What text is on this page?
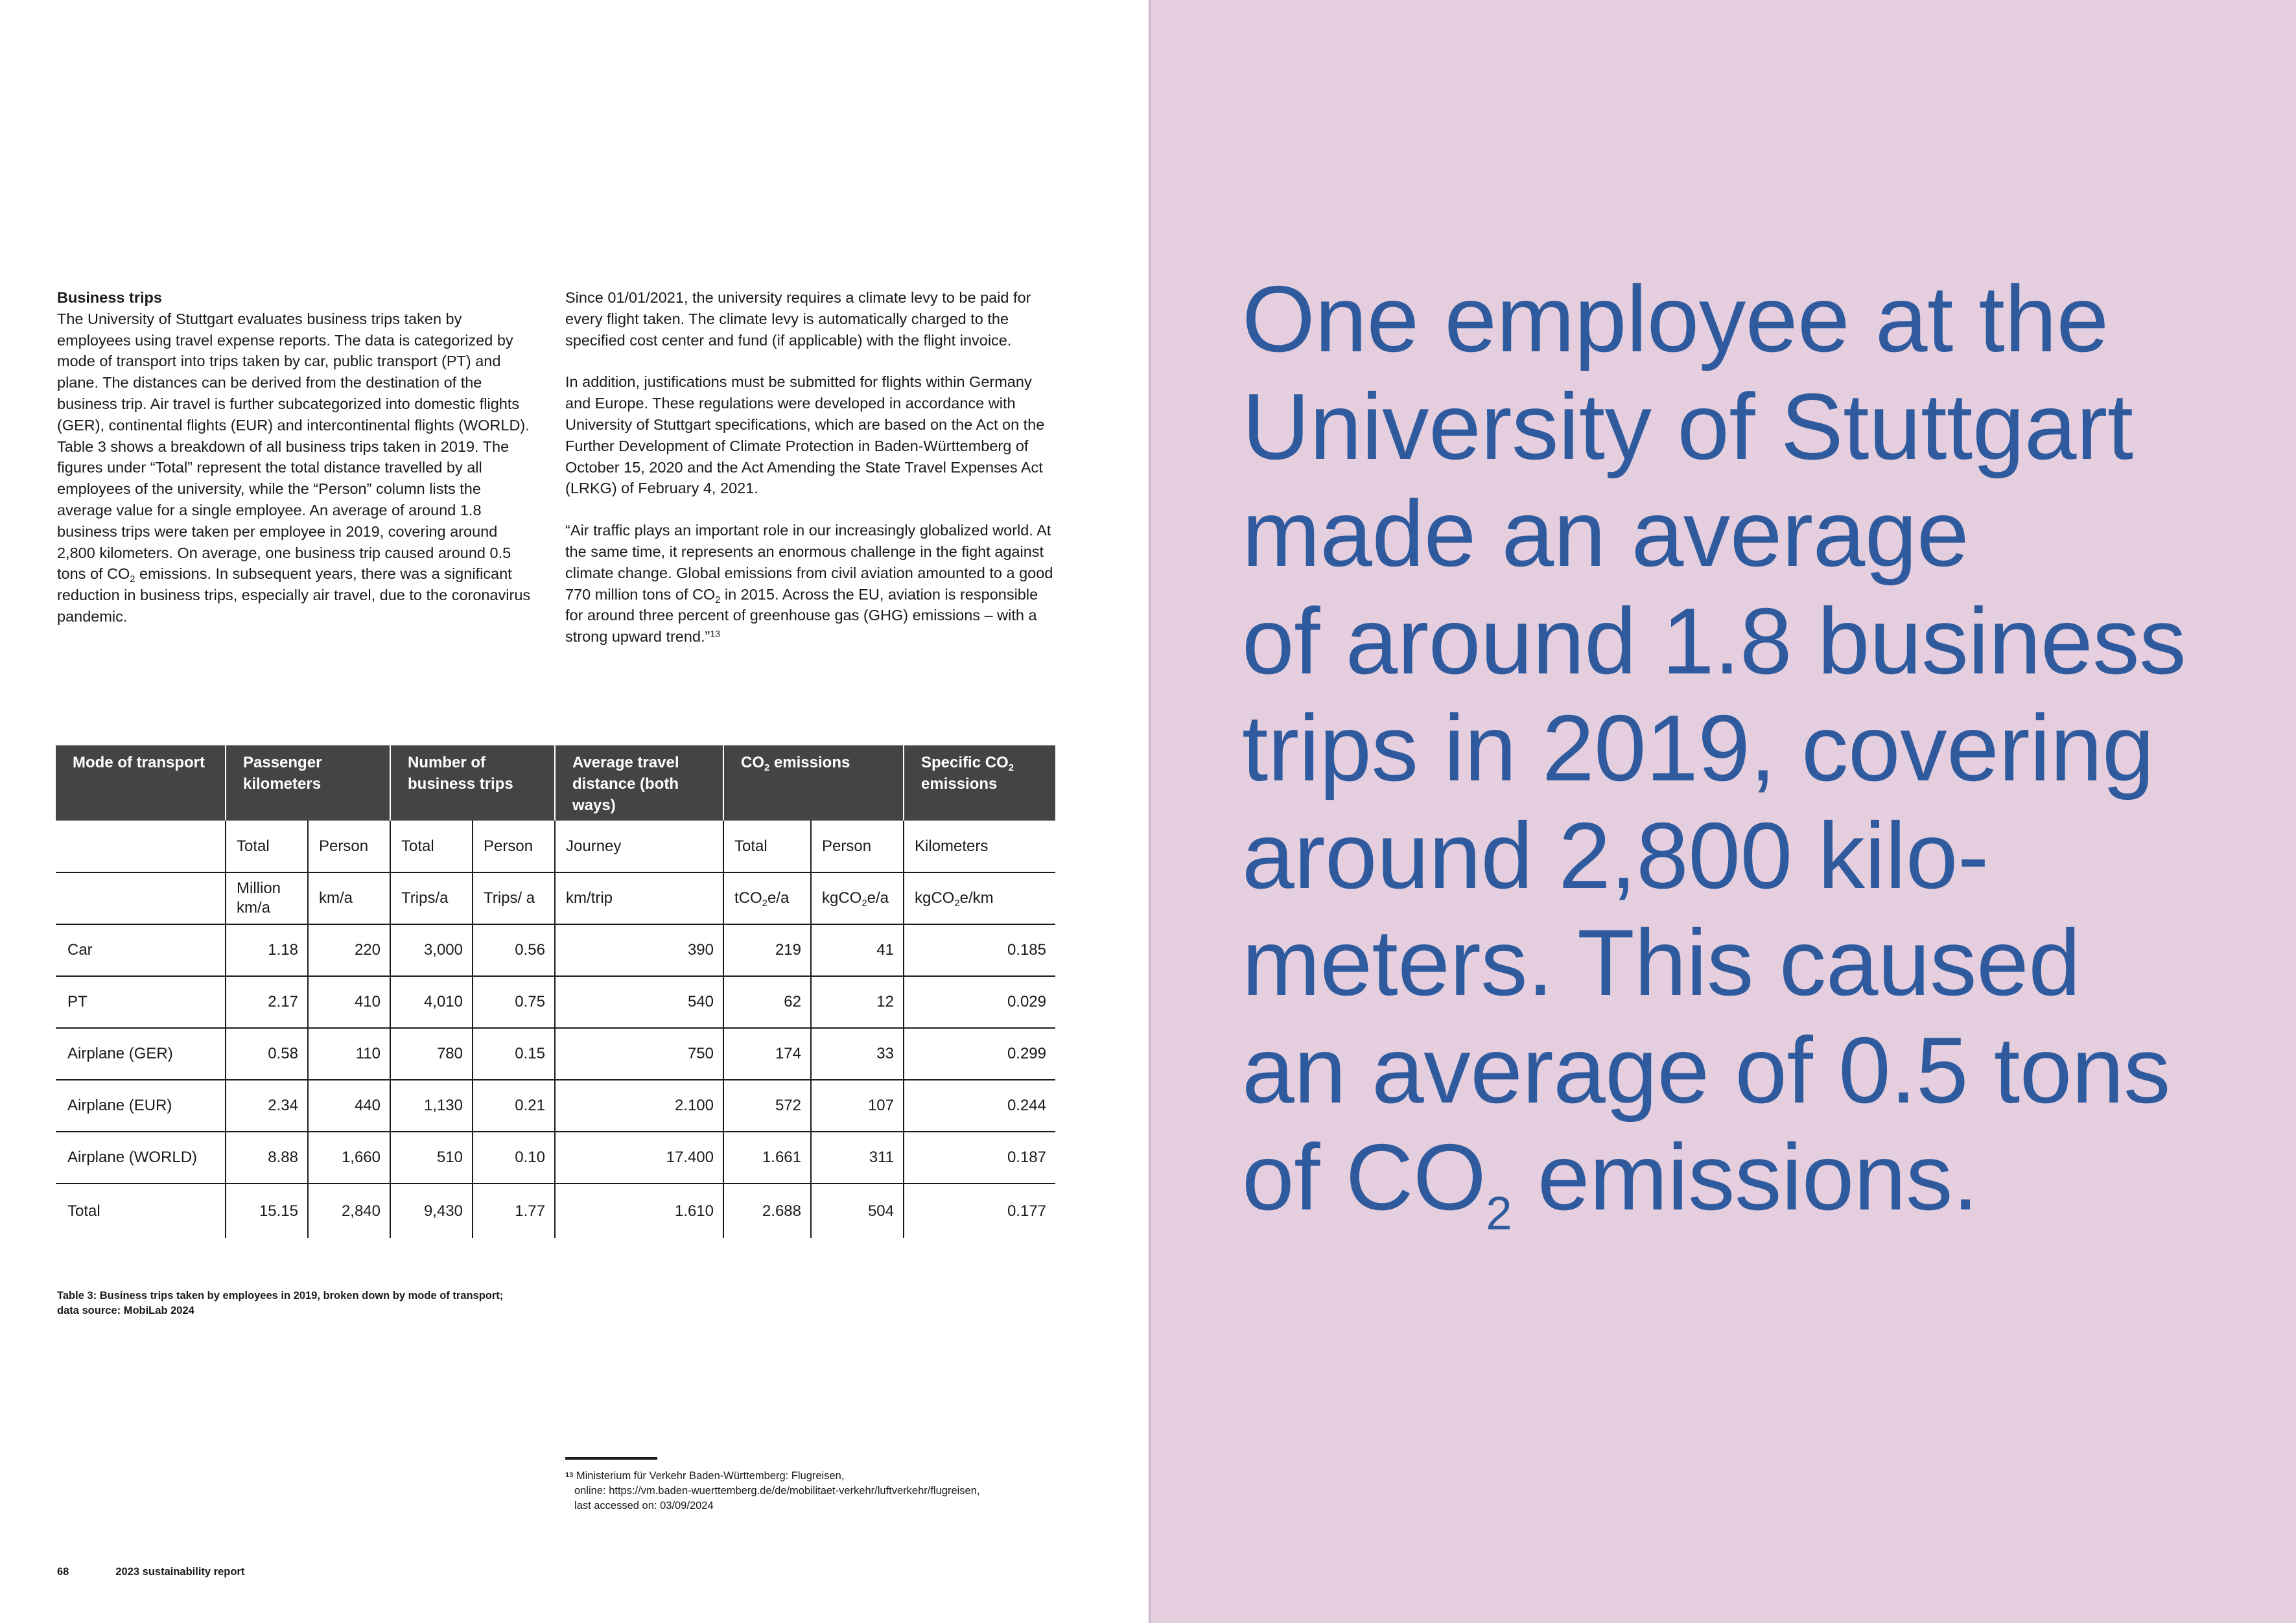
Business trips
The University of Stuttgart evaluates business trips taken by employees using travel expense reports. The data is categorized by mode of transport into trips taken by car, public transport (PT) and plane. The distances can be derived from the destination of the business trip. Air travel is further subcategorized into domestic flights (GER), continental flights (EUR) and intercontinental flights (WORLD). Table 3 shows a breakdown of all business trips taken in 2019. The figures under “Total” represent the total distance travelled by all employees of the university, while the “Person” column lists the average value for a single employee. An average of around 1.8 business trips were taken per employee in 2019, covering around 2,800 kilometers. On average, one business trip caused around 0.5 tons of $CO_2$ emissions. In subsequent years, there was a significant reduction in business trips, especially air travel, due to the coronavirus pandemic.

Since 01/01/2021, the university requires a climate levy to be paid for every flight taken. The climate levy is automatically charged to the specified cost center and fund (if applicable) with the flight invoice.

In addition, justifications must be submitted for flights within Germany and Europe. These regulations were developed in accordance with University of Stuttgart specifications, which are based on the Act on the Further Development of Climate Protection in Baden-Württemberg of October 15, 2020 and the Act Amending the State Travel Expenses Act (LRKG) of February 4, 2021.

“Air traffic plays an important role in our increasingly globalized world. At the same time, it represents an enormous challenge in the fight against climate change. Global emissions from civil aviation amounted to a good 770 million tons of $CO_2$ in 2015. Across the EU, aviation is responsible for around three percent of greenhouse gas (GHG) emissions – with a strong upward trend.”$^{13}$

Mode of transport	Passenger kilometers		Number of business trips		Average travel distance (both ways)	$CO_2$ emissions		Specific $CO_2$
emissions
	Total	Person	Total	Person	Journey	Total	Person	Kilometers
	Million km/a	km/a	Trips/a	Trips/ a	km/trip	tCO$_2$e/a	kgCO$_2$e/a	kgCO$_2$e/km
Car	1.18	220	3,000	0.56	390	219	41	0.185
PT	2.17	410	4,010	0.75	540	62	12	0.029
Airplane (GER)	0.58	110	780	0.15	750	174	33	0.299
Airplane (EUR)	2.34	440	1,130	0.21	2.100	572	107	0.244
Airplane (WORLD)	8.88	1,660	510	0.10	17.400	1.661	311	0.187
Total	15.15	2,840	9,430	1.77	1.610	2.688	504	0.177
Table 3: Business trips taken by employees in 2019, broken down by mode of transport;
data source: MobiLab 2024
13 Ministerium für Verkehr Baden-Württemberg: Flugreisen,
online: https://vm.baden-wuerttemberg.de/de/mobilitaet-verkehr/luftverkehr/flugreisen,
last accessed on: 03/09/2024
68	2023 sustainability report
One employee at the
University of Stuttgart
made an average
of around 1.8 business
trips in 2019, covering
around 2,800 kilo-
meters. This caused
an average of 0.5 tons
of $CO_2$ emissions.
